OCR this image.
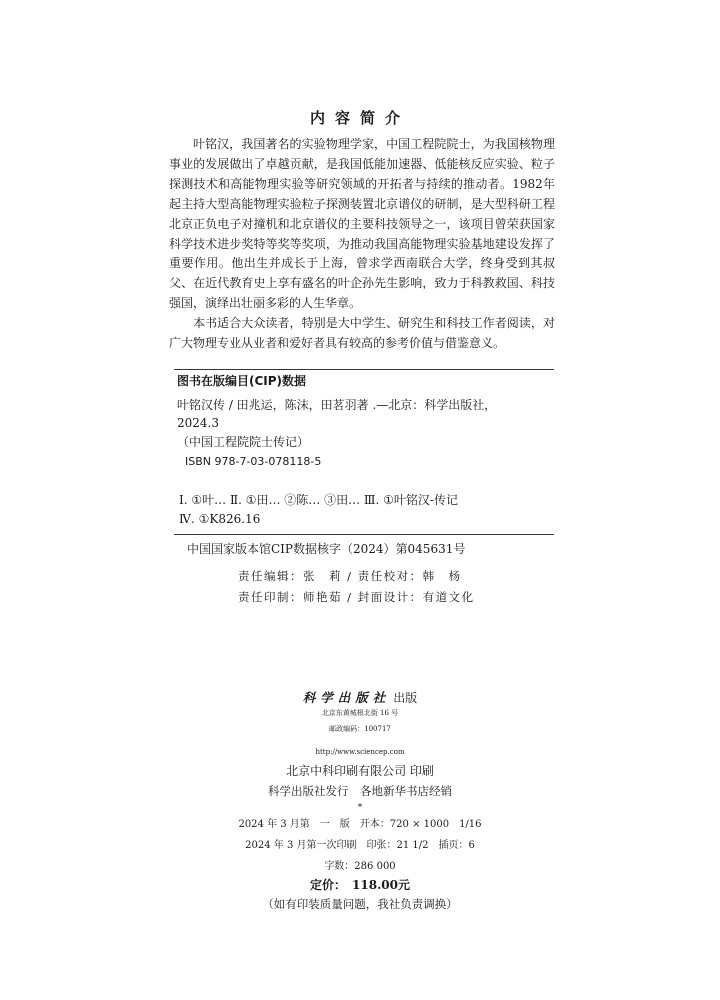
内容简介

叶铭汉，我国著名的实验物理学家，中国工程院院士，为我国核物理事业的发展做出了卓越贡献，是我国低能加速器、低能核反应实验、粒子探测技术和高能物理实验等研究领域的开拓者与持续的推动者。1982年起主持大型高能物理实验粒子探测装置北京谱仪的研制，是大型科研工程北京正负电子对撞机和北京谱仪的主要科技领导之一，该项目曾荣获国家科学技术进步奖特等奖等奖项，为推动我国高能物理实验基地建设发挥了重要作用。他出生并成长于上海，曾求学西南联合大学，终身受到其叔父、在近代教育史上享有盛名的叶企孙先生影响，致力于科教救国、科技强国，演绎出壮丽多彩的人生华章。

本书适合大众读者，特别是大中学生、研究生和科技工作者阅读，对广大物理专业从业者和爱好者具有较高的参考价值与借鉴意义。

图书在版编目(CIP)数据
叶铭汉传 / 田兆运，陈沫，田茗羽著 .—北京：科学出版社，
2024.3
（中国工程院院士传记）
ISBN 978-7-03-078118-5
Ⅰ. ①叶… Ⅱ. ①田… ②陈… ③田… Ⅲ. ①叶铭汉-传记
Ⅳ. ①K826.16
中国国家版本馆CIP数据核字（2024）第045631号
责任编辑：张　莉 / 责任校对：韩　杨
责任印制：师艳茹 / 封面设计：有道文化
科学出版社 出版
北京东黄城根北街 16 号
邮政编码：100717
http://www.sciencep.com
北京中科印刷有限公司 印刷
科学出版社发行　各地新华书店经销
*
2024 年 3 月第　一　版　开本：720 × 1000　1/16
2024 年 3 月第一次印刷　印张：21 1/2　插页：6
字数：286 000
定价：　118.00元
（如有印装质量问题，我社负责调换）
